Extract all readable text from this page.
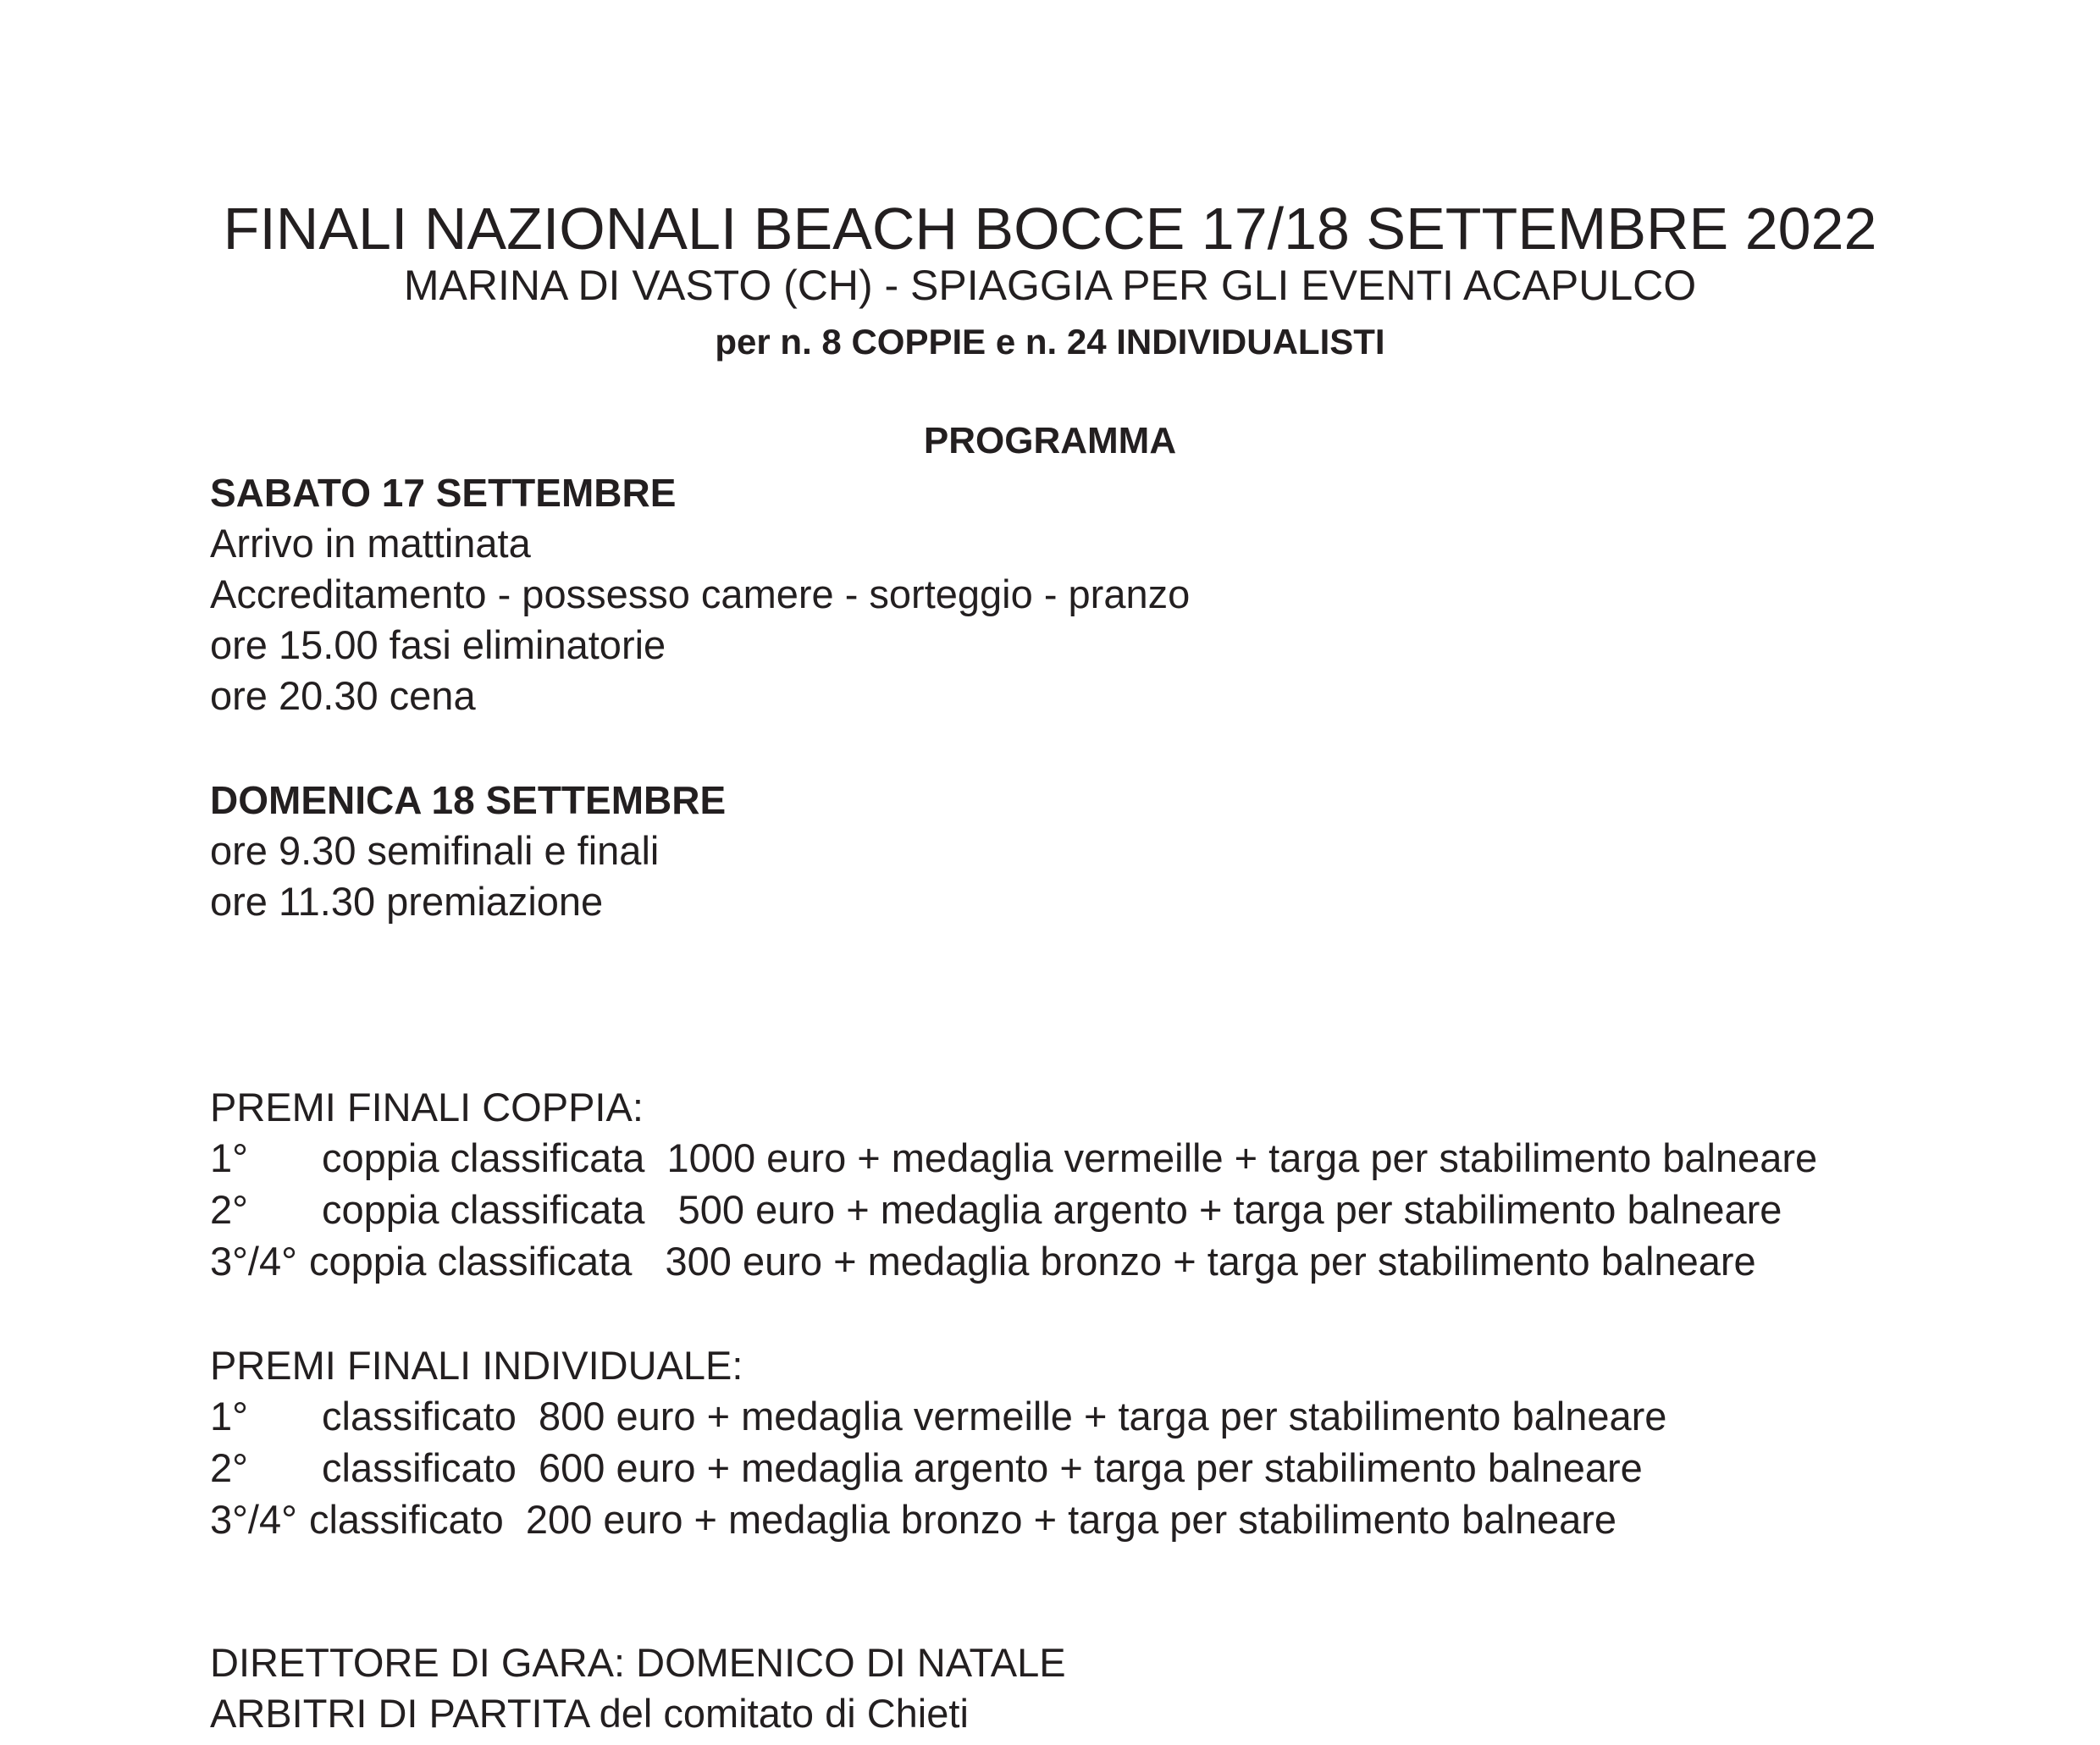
FINALI NAZIONALI BEACH BOCCE 17/18 SETTEMBRE 2022
MARINA DI VASTO (CH) - SPIAGGIA PER GLI EVENTI ACAPULCO
per n. 8 COPPIE e n. 24 INDIVIDUALISTI
PROGRAMMA
SABATO 17 SETTEMBRE
Arrivo in mattinata
Accreditamento - possesso camere - sorteggio - pranzo
ore 15.00 fasi eliminatorie
ore 20.30 cena
DOMENICA 18 SETTEMBRE
ore 9.30 semifinali e finali
ore 11.30 premiazione
PREMI FINALI COPPIA:
1°	coppia classificata  1000 euro + medaglia vermeille + targa per stabilimento balneare
2°	coppia classificata   500 euro + medaglia argento + targa per stabilimento balneare
3°/4° coppia classificata   300 euro + medaglia bronzo + targa per stabilimento balneare
PREMI FINALI INDIVIDUALE:
1°	classificato  800 euro + medaglia vermeille + targa per stabilimento balneare
2°	classificato  600 euro + medaglia argento + targa per stabilimento balneare
3°/4° classificato  200 euro + medaglia bronzo + targa per stabilimento balneare
DIRETTORE DI GARA: DOMENICO DI NATALE
ARBITRI DI PARTITA del comitato di Chieti
